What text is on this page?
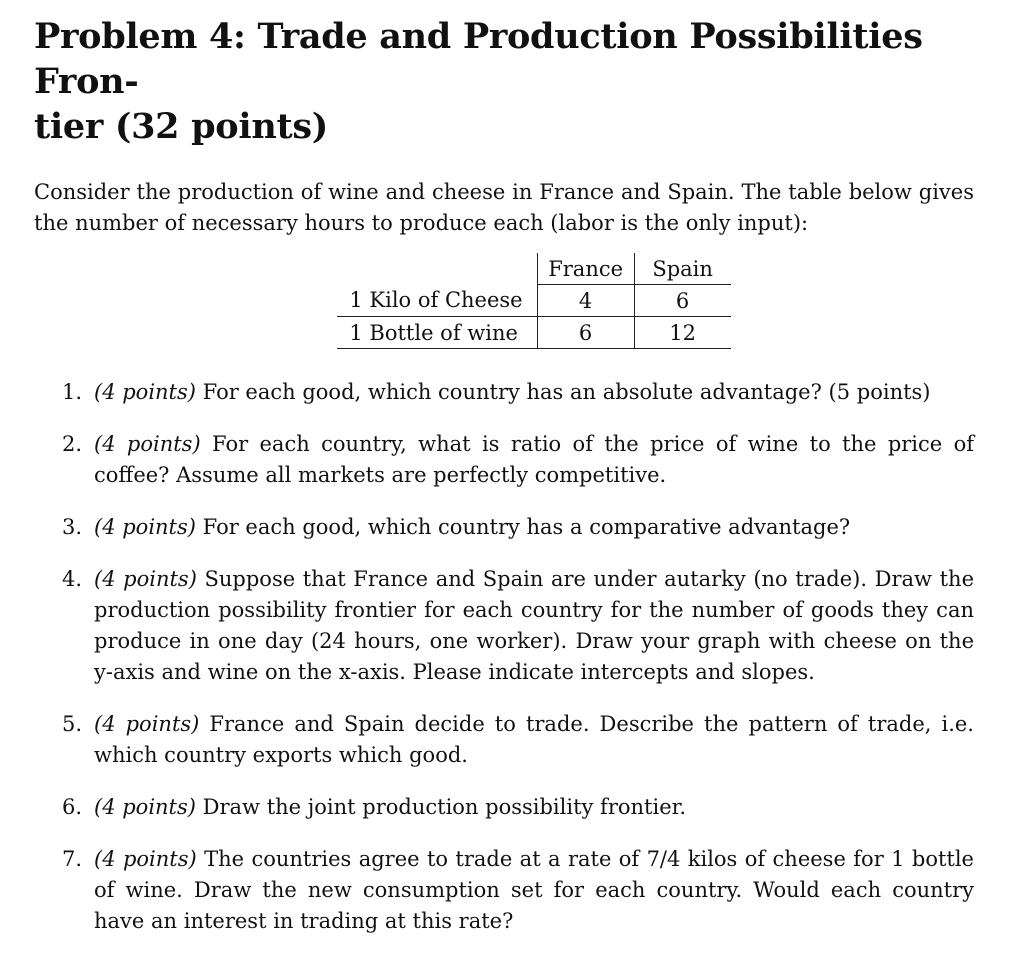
Problem 4: Trade and Production Possibilities Fron-
tier (32 points)

Consider the production of wine and cheese in France and Spain. The table below gives the number of necessary hours to produce each (labor is the only input):

	France	Spain
1 Kilo of Cheese	4	6
1 Bottle of wine	6	12
1. (4 points) For each good, which country has an absolute advantage? (5 points)
2. (4 points) For each country, what is ratio of the price of wine to the price of coffee? Assume all markets are perfectly competitive.
3. (4 points) For each good, which country has a comparative advantage?
4. (4 points) Suppose that France and Spain are under autarky (no trade). Draw the production possibility frontier for each country for the number of goods they can produce in one day (24 hours, one worker). Draw your graph with cheese on the y-axis and wine on the x-axis. Please indicate intercepts and slopes.
5. (4 points) France and Spain decide to trade. Describe the pattern of trade, i.e. which country exports which good.
6. (4 points) Draw the joint production possibility frontier.
7. (4 points) The countries agree to trade at a rate of 7/4 kilos of cheese for 1 bottle of wine. Draw the new consumption set for each country. Would each country have an interest in trading at this rate?
